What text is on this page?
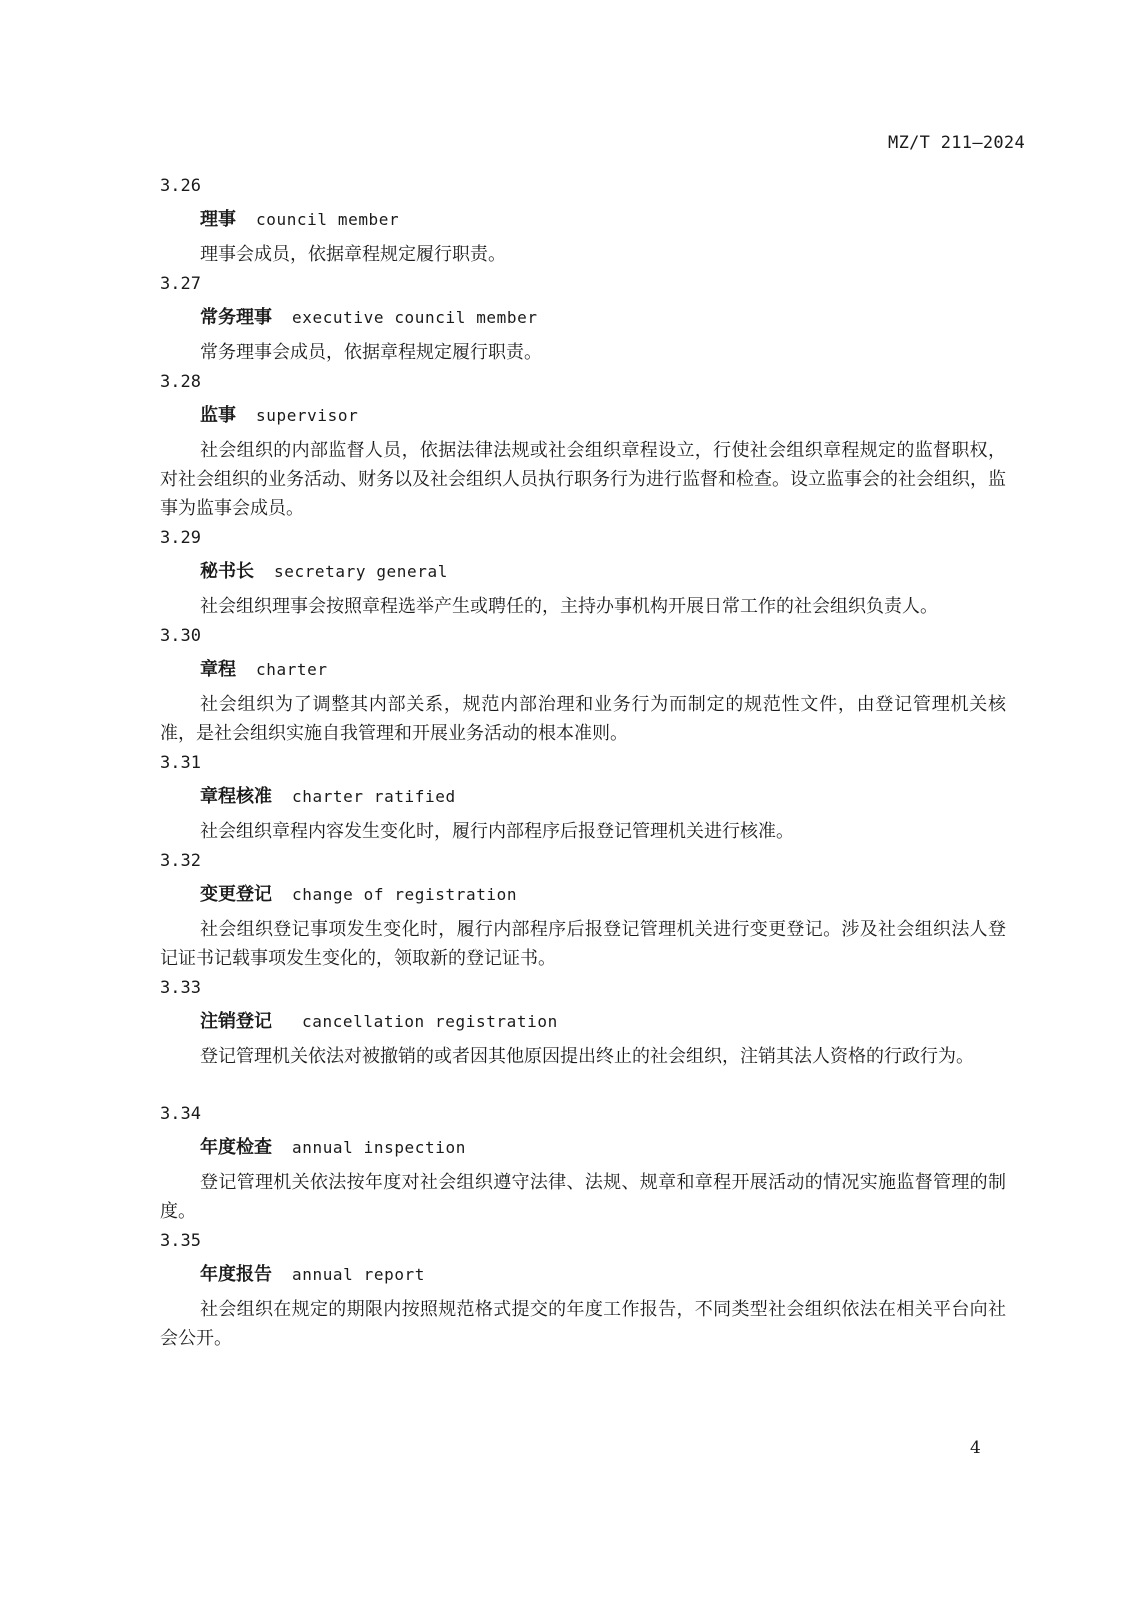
MZ/T 211—2024
3.26
理事 council member
理事会成员，依据章程规定履行职责。
3.27
常务理事 executive council member
常务理事会成员，依据章程规定履行职责。
3.28
监事 supervisor
社会组织的内部监督人员，依据法律法规或社会组织章程设立，行使社会组织章程规定的监督职权，对社会组织的业务活动、财务以及社会组织人员执行职务行为进行监督和检查。设立监事会的社会组织，监事为监事会成员。
3.29
秘书长 secretary general
社会组织理事会按照章程选举产生或聘任的，主持办事机构开展日常工作的社会组织负责人。
3.30
章程 charter
社会组织为了调整其内部关系，规范内部治理和业务行为而制定的规范性文件，由登记管理机关核准，是社会组织实施自我管理和开展业务活动的根本准则。
3.31
章程核准 charter ratified
社会组织章程内容发生变化时，履行内部程序后报登记管理机关进行核准。
3.32
变更登记 change of registration
社会组织登记事项发生变化时，履行内部程序后报登记管理机关进行变更登记。涉及社会组织法人登记证书记载事项发生变化的，领取新的登记证书。
3.33
注销登记 cancellation registration
登记管理机关依法对被撤销的或者因其他原因提出终止的社会组织，注销其法人资格的行政行为。
3.34
年度检查 annual inspection
登记管理机关依法按年度对社会组织遵守法律、法规、规章和章程开展活动的情况实施监督管理的制度。
3.35
年度报告 annual report
社会组织在规定的期限内按照规范格式提交的年度工作报告，不同类型社会组织依法在相关平台向社会公开。
4
